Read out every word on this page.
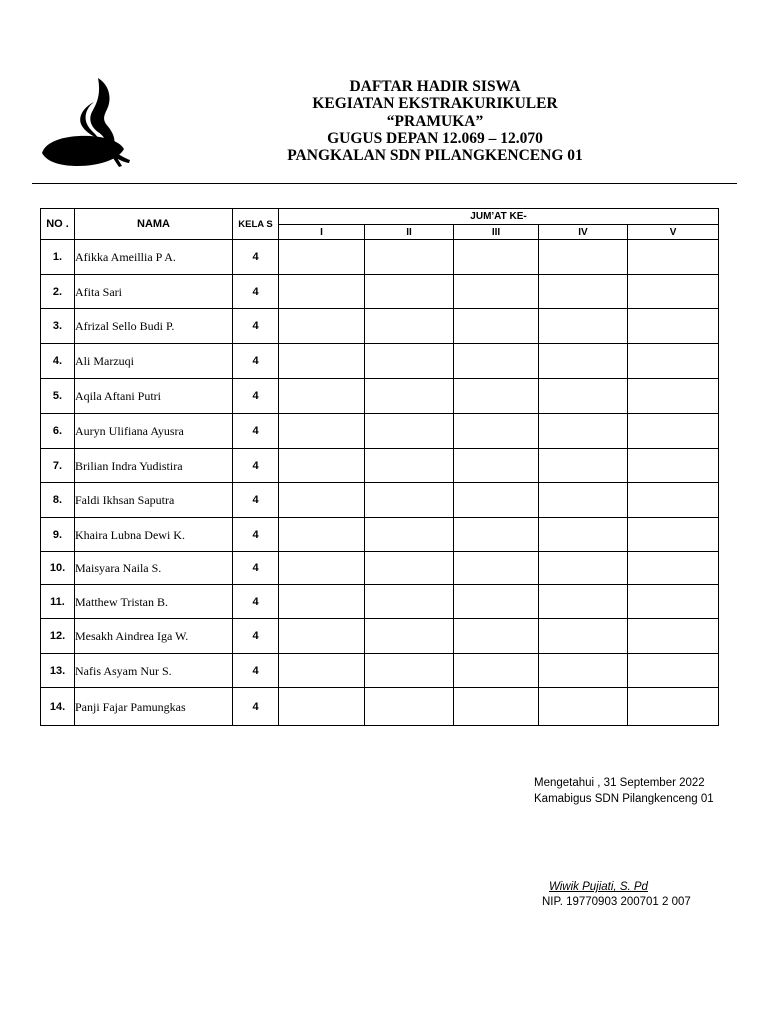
DAFTAR HADIR SISWA
KEGIATAN EKSTRAKURIKULER
“PRAMUKA”
GUGUS DEPAN 12.069 – 12.070
PANGKALAN SDN PILANGKENCENG 01
NO .	NAMA	KELA S	JUM’AT KE-				
			I	II	III	IV	V
1.	Afikka Ameillia P A.	4					
2.	Afita Sari	4					
3.	Afrizal Sello Budi P.	4					
4.	Ali Marzuqi	4					
5.	Aqila Aftani Putri	4					
6.	Auryn Ulifiana Ayusra	4					
7.	Brilian Indra Yudistira	4					
8.	Faldi Ikhsan Saputra	4					
9.	Khaira Lubna Dewi K.	4					
10.	Maisyara Naila S.	4					
11.	Matthew Tristan B.	4					
12.	Mesakh Aindrea Iga W.	4					
13.	Nafis Asyam Nur S.	4					
14.	Panji Fajar Pamungkas	4					
Mengetahui , 31 September 2022
Kamabigus SDN Pilangkenceng 01
Wiwik Pujiati, S. Pd
NIP. 19770903 200701 2 007
